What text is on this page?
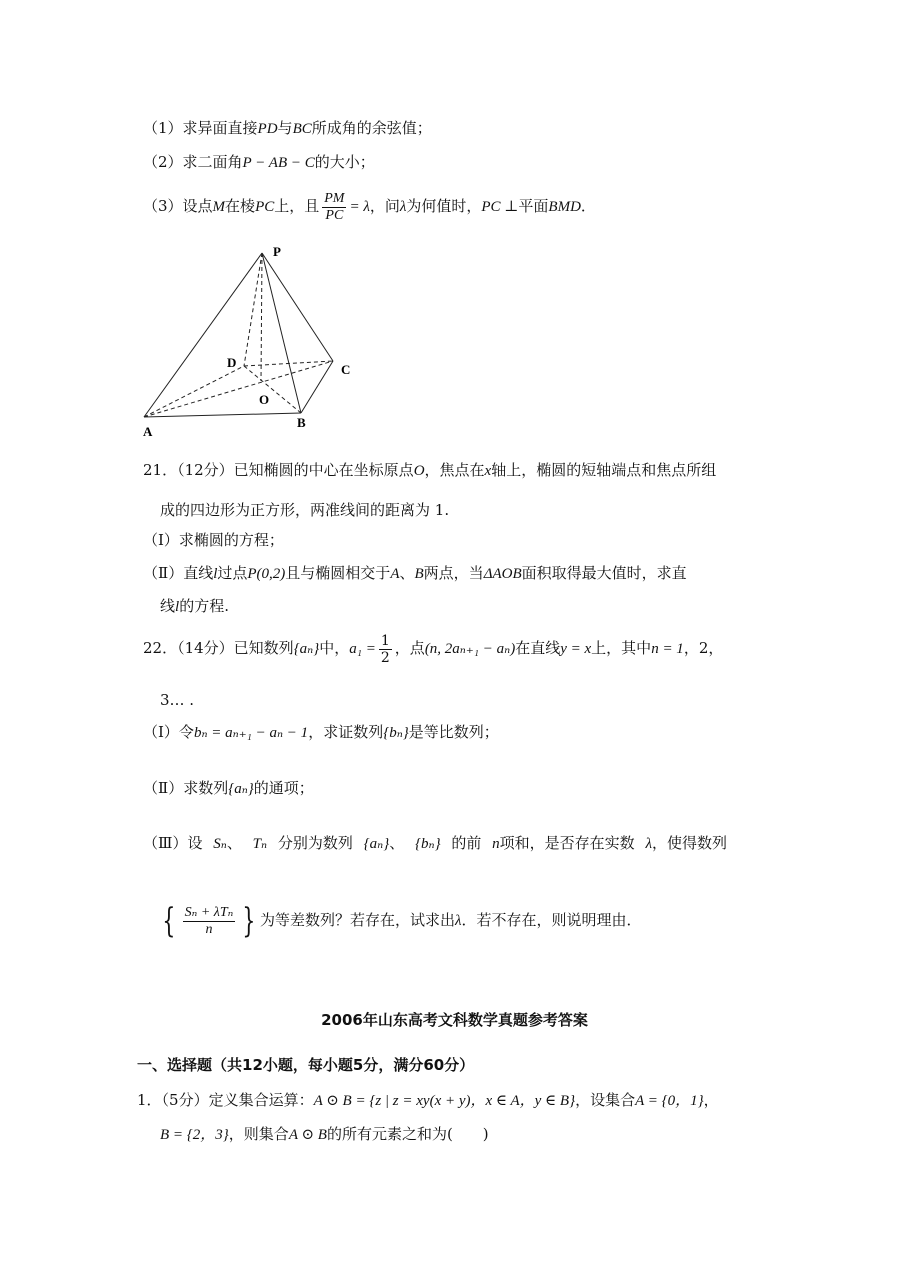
（1）求异面直接PD与BC所成角的余弦值；
（2）求二面角P − AB − C的大小；
（3）设点M在棱PC上，且 $\frac{PM}{PC} = \lambda$，问λ为何值时，PC ⊥平面BMD．
P
D	C
O
A
B
21．（12分）已知椭圆的中心在坐标原点O，焦点在x轴上，椭圆的短轴端点和焦点所组
成的四边形为正方形，两准线间的距离为 1.
（Ⅰ）求椭圆的方程；
（Ⅱ）直线l过点P(0,2)且与椭圆相交于A、B两点，当ΔAOB面积取得最大值时，求直
线l的方程.
22．（14分）已知数列{aₙ}中，$a_1 = \frac{1}{2}$ ，点(n, 2aₙ₊₁ − aₙ)在直线y = x上，其中n = 1，2，
3… .
（Ⅰ）令bₙ = aₙ₊₁ − aₙ − 1，求证数列{bₙ}是等比数列；
（Ⅱ）求数列{aₙ}的通项；
（Ⅲ）设 Sₙ、 Tₙ 分别为数列 {aₙ}、 {bₙ} 的前 n项和，是否存在实数 λ，使得数列
{ $\frac{\text{Sₙ + λTₙ}}{n}$ } 为等差数列？若存在，试求出λ．若不存在，则说明理由．
2006年山东高考文科数学真题参考答案
一、选择题（共12小题，每小题5分，满分60分）
1．（5分）定义集合运算：A ⊙ B = {z | z = xy(x + y)，x ∈ A，y ∈ B}，设集合A = {0，1}，
B = {2，3}，则集合A ⊙ B的所有元素之和为(　　)
